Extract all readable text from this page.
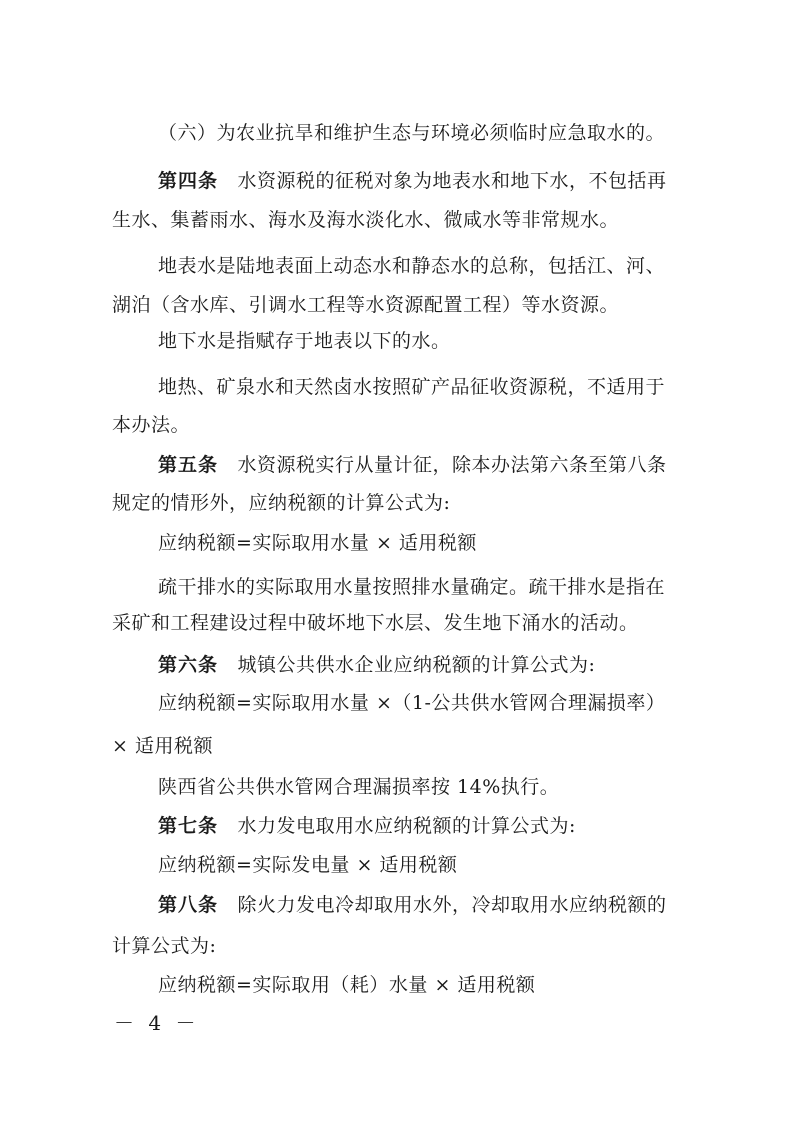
（六）为农业抗旱和维护生态与环境必须临时应急取水的。
第四条　水资源税的征税对象为地表水和地下水，不包括再
生水、集蓄雨水、海水及海水淡化水、微咸水等非常规水。
地表水是陆地表面上动态水和静态水的总称，包括江、河、
湖泊（含水库、引调水工程等水资源配置工程）等水资源。
地下水是指赋存于地表以下的水。
地热、矿泉水和天然卤水按照矿产品征收资源税，不适用于
本办法。
第五条　水资源税实行从量计征，除本办法第六条至第八条
规定的情形外，应纳税额的计算公式为:
应纳税额=实际取用水量 × 适用税额
疏干排水的实际取用水量按照排水量确定。疏干排水是指在
采矿和工程建设过程中破坏地下水层、发生地下涌水的活动。
第六条　城镇公共供水企业应纳税额的计算公式为:
应纳税额=实际取用水量 ×（1-公共供水管网合理漏损率）
× 适用税额
陕西省公共供水管网合理漏损率按 14%执行。
第七条　水力发电取用水应纳税额的计算公式为:
应纳税额=实际发电量 × 适用税额
第八条　除火力发电冷却取用水外，冷却取用水应纳税额的
计算公式为:
应纳税额=实际取用（耗）水量 × 适用税额
－ 4 －
